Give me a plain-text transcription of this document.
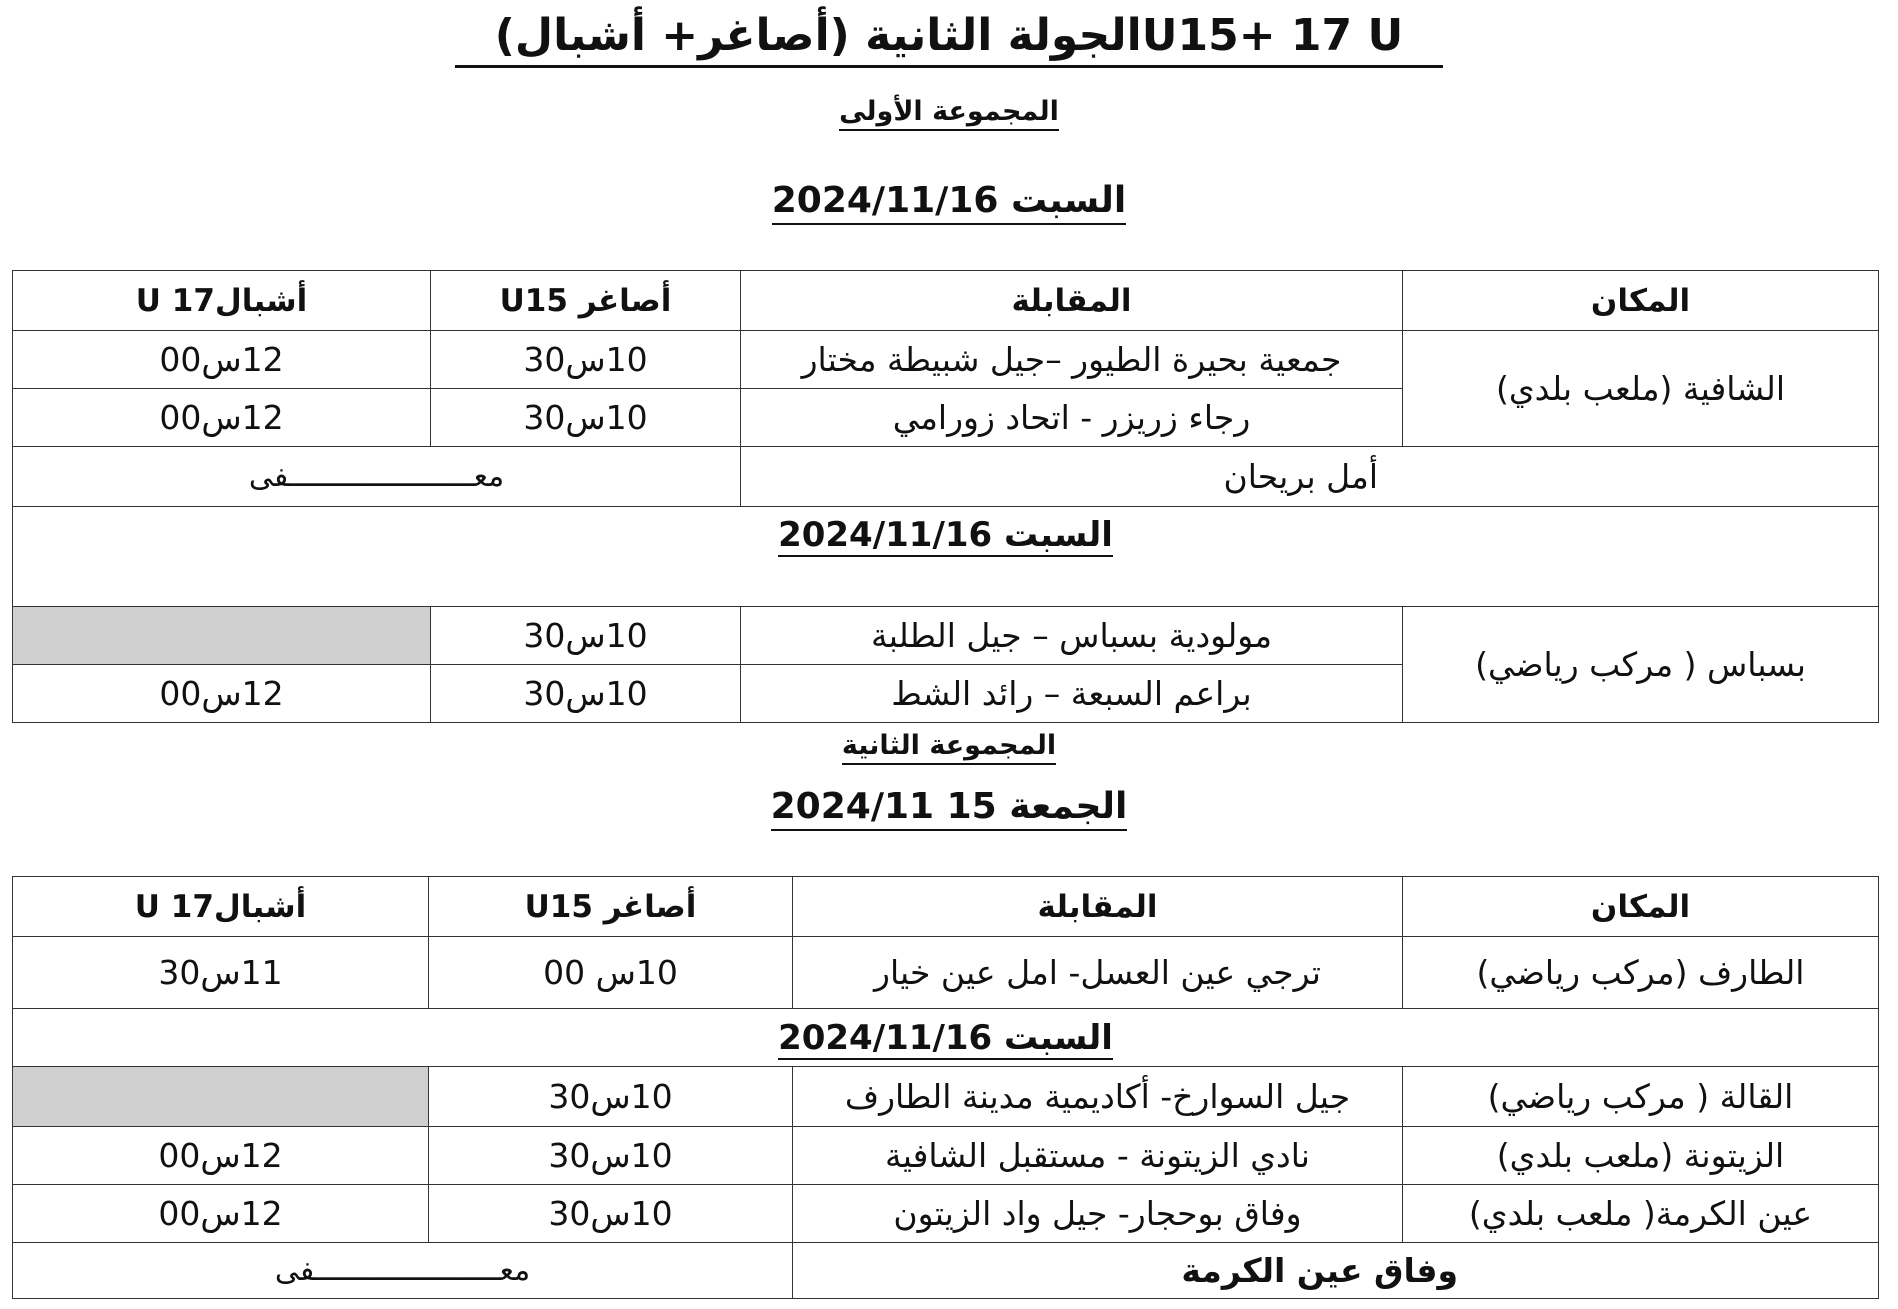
الجولة الثانية (أصاغر+ أشبال)U15+ 17 U
المجموعة الأولى
السبت 2024/11/16
المكان	المقابلة	أصاغر U15	أشبال17 U
الشافية (ملعب بلدي)	جمعية بحيرة الطيور –جيل شبيطة مختار	10س30	12س00
	رجاء زريزر - اتحاد زورامي	10س30	12س00
أمل بريحان		معـــــــــــــــــــــفى	
السبت 2024/11/16			
بسباس ( مركب رياضي)	مولودية بسباس – جيل الطلبة	10س30	
	براعم السبعة – رائد الشط	10س30	12س00
المجموعة الثانية
الجمعة 15 2024/11
المكان	المقابلة	أصاغر U15	أشبال17 U
الطارف (مركب رياضي)	ترجي عين العسل- امل عين خيار	10س 00	11س30
السبت 2024/11/16			
القالة ( مركب رياضي)	جيل السوارخ- أكاديمية مدينة الطارف	10س30	
الزيتونة (ملعب بلدي)	نادي الزيتونة - مستقبل الشافية	10س30	12س00
عين الكرمة( ملعب بلدي)	وفاق بوحجار- جيل واد الزيتون	10س30	12س00
وفاق عين الكرمة		معـــــــــــــــــــــفى	
